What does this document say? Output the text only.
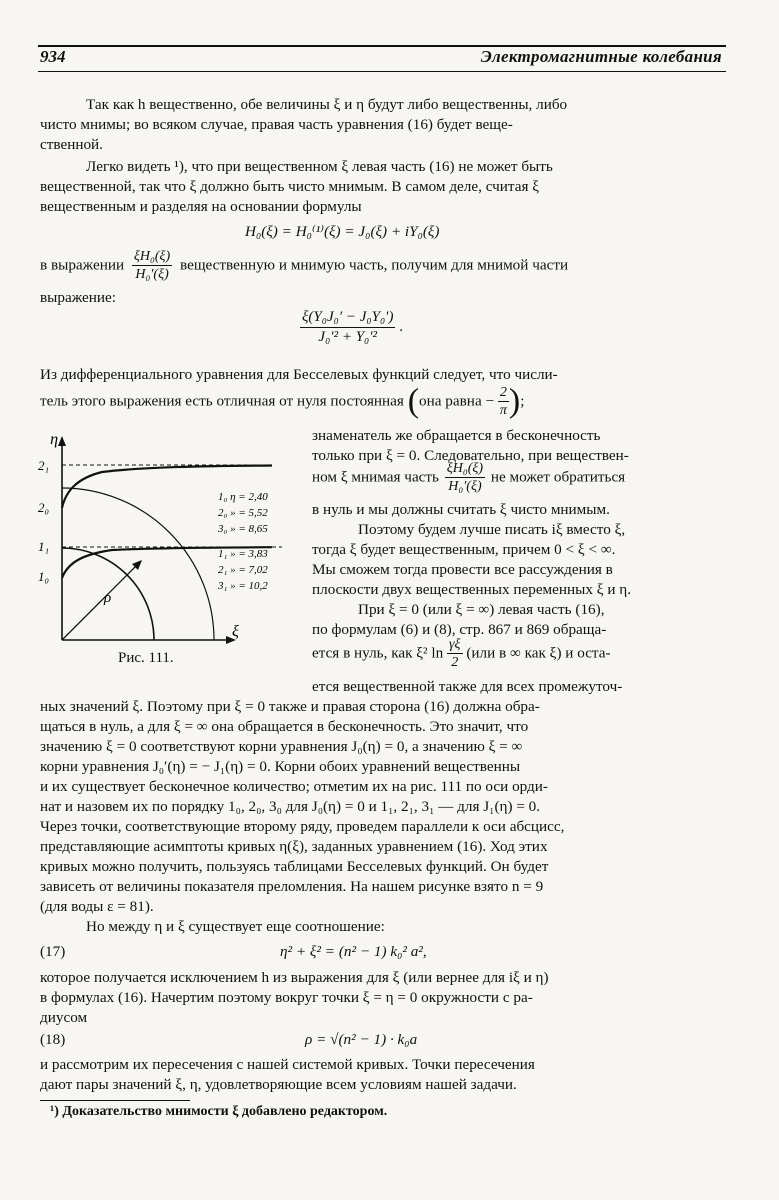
934	Электромагнитные колебания
Так как h вещественно, обе величины ξ и η будут либо вещественны, либо
чисто мнимы; во всяком случае, правая часть уравнения (16) будет веще-
ственной.
Легко видеть ¹), что при вещественном ξ левая часть (16) не может быть
вещественной, так что ξ должно быть чисто мнимым. В самом деле, считая ξ
вещественным и разделяя на основании формулы
H₀(ξ) = H₀⁽¹⁾(ξ) = J₀(ξ) + iY₀(ξ)
в выражении $\frac{\text{ξH₀(ξ)}}{\text{H₀′(ξ)}}$ вещественную и мнимую часть, получим для мнимой части
выражение:
$\frac{\text{ξ(Y₀J₀′ − J₀Y₀′)}}{\text{J₀′² + Y₀′²}}$ .
Из дифференциального уравнения для Бесселевых функций следует, что числи-
тель этого выражения есть отличная от нуля постоянная (она равна − $\frac{2}{\pi}$ );
η
ξ
ρ
2₁
2₀
1₁
1₀
1₀ η = 2,40
2₀ » = 5,52
3₀ » = 8,65
1₁ » = 3,83
2₁ » = 7,02
3₁ » = 10,2
Рис. 111.
знаменатель же обращается в бесконечность
только при ξ = 0. Следовательно, при веществен-
ном ξ мнимая часть $\frac{\text{ξH₀(ξ)}}{\text{H₀′(ξ)}}$ не может обратиться
в нуль и мы должны считать ξ чисто мнимым.
Поэтому будем лучше писать iξ вместо ξ,
тогда ξ будет вещественным, причем 0 < ξ < ∞.
Мы сможем тогда провести все рассуждения в
плоскости двух вещественных переменных ξ и η.
При ξ = 0 (или ξ = ∞) левая часть (16),
по формулам (6) и (8), стр. 867 и 869 обраща-
ется в нуль, как ξ² $\ln \frac{\gamma\xi}{2} (или$ в ∞ как ξ) и оста-
ется вещественной также для всех промежуточ-
ных значений ξ. Поэтому при ξ = 0 также и правая сторона (16) должна обра-
щаться в нуль, а для ξ = ∞ она обращается в бесконечность. Это значит, что
значению ξ = 0 соответствуют корни уравнения J₀(η) = 0, а значению ξ = ∞
корни уравнения J₀′(η) = − J₁(η) = 0. Корни обоих уравнений вещественны
и их существует бесконечное количество; отметим их на рис. 111 по оси орди-
нат и назовем их по порядку 1₀, 2₀, 3₀ для J₀(η) = 0 и 1₁, 2₁, 3₁ — для J₁(η) = 0.
Через точки, соответствующие второму ряду, проведем параллели к оси абсцисс,
представляющие асимптоты кривых η(ξ), заданных уравнением (16). Ход этих
кривых можно получить, пользуясь таблицами Бесселевых функций. Он будет
зависеть от величины показателя преломления. На нашем рисунке взято n = 9
(для воды ε = 81).
Но между η и ξ существует еще соотношение:
(17)	η² + ξ² = (n² − 1) k₀² a²,
которое получается исключением h из выражения для ξ (или вернее для iξ и η)
в формулах (16). Начертим поэтому вокруг точки ξ = η = 0 окружности с ра-
диусом
(18)	ρ = √(n² − 1) · k₀a
и рассмотрим их пересечения с нашей системой кривых. Точки пересечения
дают пары значений ξ, η, удовлетворяющие всем условиям нашей задачи.
¹) Доказательство мнимости ξ добавлено редактором.
